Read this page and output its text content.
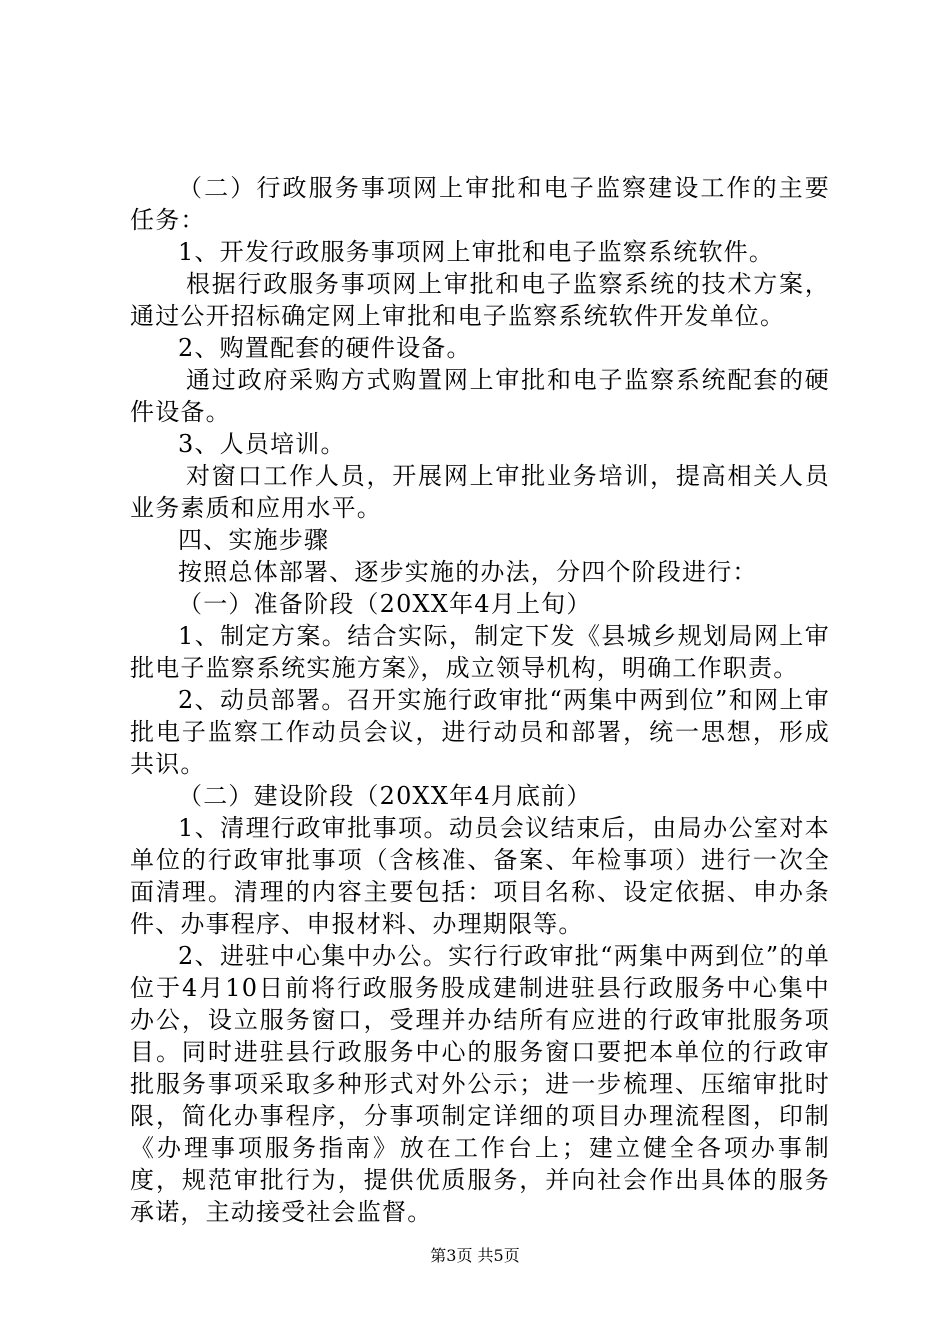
（二）行政服务事项网上审批和电子监察建设工作的主要任务：

1、开发行政服务事项网上审批和电子监察系统软件。

根据行政服务事项网上审批和电子监察系统的技术方案，通过公开招标确定网上审批和电子监察系统软件开发单位。

2、购置配套的硬件设备。

通过政府采购方式购置网上审批和电子监察系统配套的硬件设备。

3、人员培训。

对窗口工作人员，开展网上审批业务培训，提高相关人员业务素质和应用水平。

四、实施步骤

按照总体部署、逐步实施的办法，分四个阶段进行：

（一）准备阶段（20XX年4月上旬）

1、制定方案。结合实际，制定下发《县城乡规划局网上审批电子监察系统实施方案》，成立领导机构，明确工作职责。

2、动员部署。召开实施行政审批“两集中两到位”和网上审批电子监察工作动员会议，进行动员和部署，统一思想，形成共识。

（二）建设阶段（20XX年4月底前）

1、清理行政审批事项。动员会议结束后，由局办公室对本单位的行政审批事项（含核准、备案、年检事项）进行一次全面清理。清理的内容主要包括：项目名称、设定依据、申办条件、办事程序、申报材料、办理期限等。

2、进驻中心集中办公。实行行政审批“两集中两到位”的单位于4月10日前将行政服务股成建制进驻县行政服务中心集中办公，设立服务窗口，受理并办结所有应进的行政审批服务项目。同时进驻县行政服务中心的服务窗口要把本单位的行政审批服务事项采取多种形式对外公示；进一步梳理、压缩审批时限，简化办事程序，分事项制定详细的项目办理流程图，印制《办理事项服务指南》放在工作台上；建立健全各项办事制度，规范审批行为，提供优质服务，并向社会作出具体的服务承诺，主动接受社会监督。

第3页 共5页
